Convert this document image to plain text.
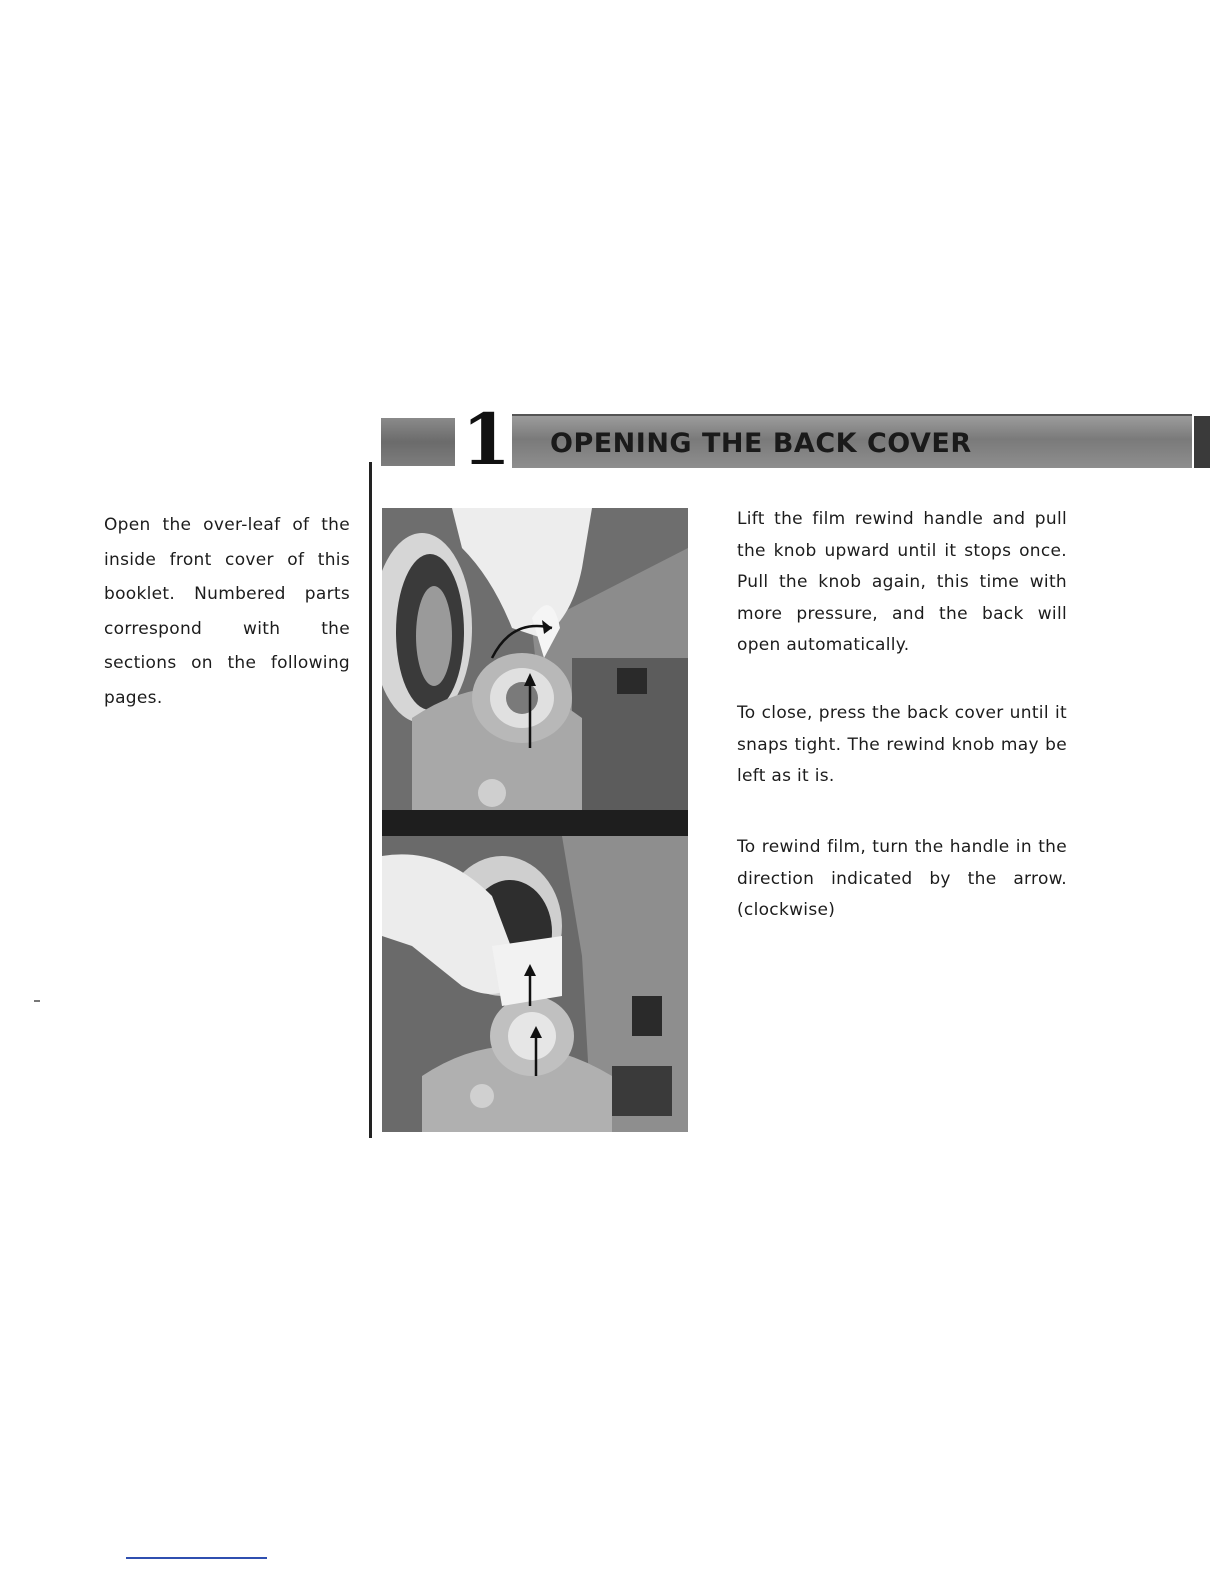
1 OPENING THE BACK COVER

Open the over-leaf of the inside front cover of this booklet. Numbered parts correspond with the sections on the following pages.

Lift the film rewind handle and pull the knob upward until it stops once. Pull the knob again, this time with more pressure, and the back will open automatically.

To close, press the back cover until it snaps tight. The rewind knob may be left as it is.

To rewind film, turn the handle in the direction indicated by the arrow. (clockwise)
